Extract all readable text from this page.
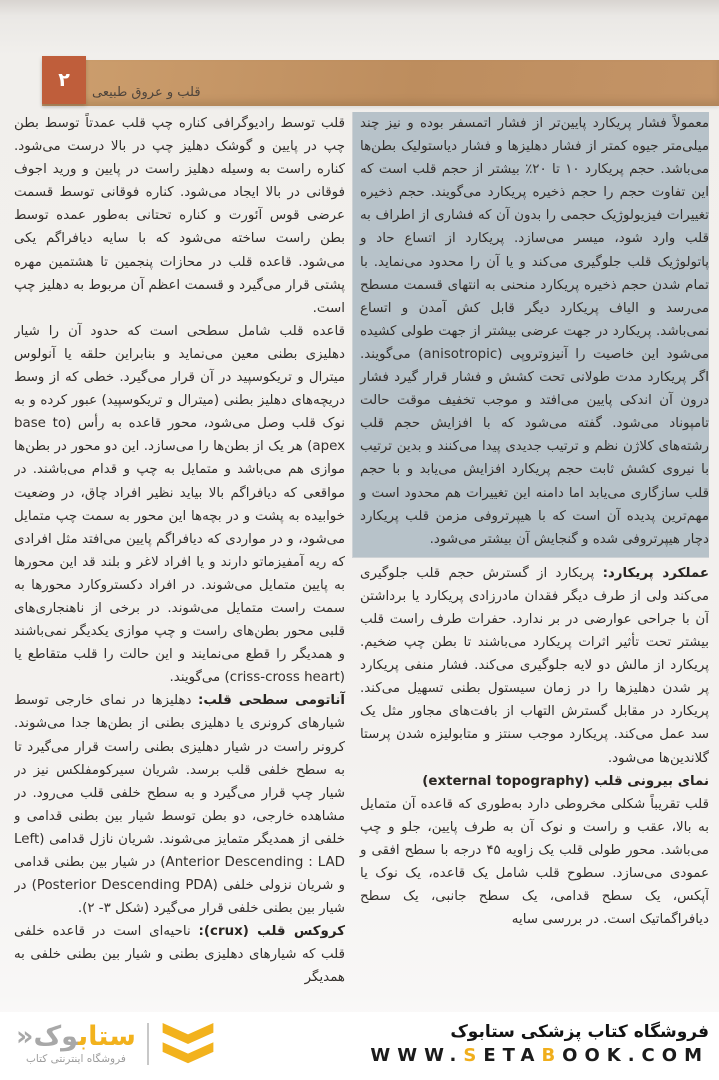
قلب و عروق طبیعی
۲

معمولاً فشار پریکارد پایین‌تر از فشار اتمسفر بوده و نیز چند میلی‌متر جیوه کمتر از فشار دهلیزها و فشار دیاستولیک بطن‌ها می‌باشد. حجم پریکارد ۱۰ تا ۲۰٪ بیشتر از حجم قلب است که این تفاوت حجم را حجم ذخیره پریکارد می‌گویند. حجم ذخیره تغییرات فیزیولوژیک حجمی را بدون آن که فشاری از اطراف به قلب وارد شود، میسر می‌سازد. پریکارد از اتساع حاد و پاتولوژیک قلب جلوگیری می‌کند و یا آن را محدود می‌نماید. با تمام شدن حجم ذخیره پریکارد منحنی به انتهای قسمت مسطح می‌رسد و الیاف پریکارد دیگر قابل کش آمدن و اتساع نمی‌باشد. پریکارد در جهت عرضی بیشتر از جهت طولی کشیده می‌شود این خاصیت را آنیزوتروپی (anisotropic) می‌گویند. اگر پریکارد مدت طولانی تحت کشش و فشار قرار گیرد فشار درون آن اندکی پایین می‌افتد و موجب تخفیف موقت حالت تامپوناد می‌شود. گفته می‌شود که با افزایش حجم قلب رشته‌های کلاژن نظم و ترتیب جدیدی پیدا می‌کنند و بدین ترتیب با نیروی کشش ثابت حجم پریکارد افزایش می‌یابد و با حجم قلب سازگاری می‌یابد اما دامنه این تغییرات هم محدود است و مهم‌ترین پدیده آن است که با هیپرتروفی مزمن قلب پریکارد دچار هیپرتروفی شده و گنجایش آن بیشتر می‌شود.

عملکرد پریکارد: پریکارد از گسترش حجم قلب جلوگیری می‌کند ولی از طرف دیگر فقدان مادرزادی پریکارد یا برداشتن آن با جراحی عوارضی در بر ندارد. حفرات طرف راست قلب بیشتر تحت تأثیر اثرات پریکارد می‌باشند تا بطن چپ ضخیم. پریکارد از مالش دو لایه جلوگیری می‌کند. فشار منفی پریکارد پر شدن دهلیزها را در زمان سیستول بطنی تسهیل می‌کند. پریکارد در مقابل گسترش التهاب از بافت‌های مجاور مثل یک سد عمل می‌کند. پریکارد موجب سنتز و متابولیزه شدن پرستا گلاندین‌ها می‌شود.

نمای بیرونی قلب (external topography)

قلب تقریباً شکلی مخروطی دارد به‌طوری که قاعده آن متمایل به بالا، عقب و راست و نوک آن به طرف پایین، جلو و چپ می‌باشد. محور طولی قلب یک زاویه ۴۵ درجه با سطح افقی و عمودی می‌سازد. سطوح قلب شامل یک قاعده، یک نوک یا آپکس، یک سطح قدامی، یک سطح جانبی، یک سطح دیافراگماتیک است. در بررسی سایه

قلب توسط رادیوگرافی کناره چپ قلب عمدتاً توسط بطن چپ در پایین و گوشک دهلیز چپ در بالا درست می‌شود. کناره راست به وسیله دهلیز راست در پایین و ورید اجوف فوقانی در بالا ایجاد می‌شود. کناره فوقانی توسط قسمت عرضی قوس آئورت و کناره تحتانی به‌طور عمده توسط بطن راست ساخته می‌شود که با سایه دیافراگم یکی می‌شود. قاعده قلب در محازات پنجمین تا هشتمین مهره پشتی قرار می‌گیرد و قسمت اعظم آن مربوط به دهلیز چپ است.

قاعده قلب شامل سطحی است که حدود آن را شیار دهلیزی بطنی معین می‌نماید و بنابراین حلقه یا آنولوس میترال و تریکوسپید در آن قرار می‌گیرد. خطی که از وسط دریچه‌های دهلیز بطنی (میترال و تریکوسپید) عبور کرده و به نوک قلب وصل می‌شود، محور قاعده به رأس (base to apex) هر یک از بطن‌ها را می‌سازد. این دو محور در بطن‌ها موازی هم می‌باشد و متمایل به چپ و قدام می‌باشند. در مواقعی که دیافراگم بالا بیاید نظیر افراد چاق، در وضعیت خوابیده به پشت و در بچه‌ها این محور به سمت چپ متمایل می‌شود، و در مواردی که دیافراگم پایین می‌افتد مثل افرادی که ریه آمفیزماتو دارند و یا افراد لاغر و بلند قد این محورها به پایین متمایل می‌شوند. در افراد دکستروکارد محورها به سمت راست متمایل می‌شوند. در برخی از ناهنجاری‌های قلبی محور بطن‌های راست و چپ موازی یکدیگر نمی‌باشند و همدیگر را قطع می‌نمایند و این حالت را قلب متقاطع یا (criss-cross heart) می‌گویند.

آناتومی سطحی قلب: دهلیزها در نمای خارجی توسط شیارهای کرونری یا دهلیزی بطنی از بطن‌ها جدا می‌شوند. کرونر راست در شیار دهلیزی بطنی راست قرار می‌گیرد تا به سطح خلفی قلب برسد. شریان سیرکومفلکس نیز در شیار چپ قرار می‌گیرد و به سطح خلفی قلب می‌رود. در مشاهده خارجی، دو بطن توسط شیار بین بطنی قدامی و خلفی از همدیگر متمایز می‌شوند. شریان نازل قدامی (Left Anterior Descending : LAD) در شیار بین بطنی قدامی و شریان نزولی خلفی (Posterior Descending PDA) در شیار بین بطنی خلفی قرار می‌گیرد (شکل ۳- ۲).

کروکس قلب (crux): ناحیه‌ای است در قاعده خلفی قلب که شیارهای دهلیزی بطنی و شیار بین بطنی خلفی به همدیگر

ستابوک«
فروشگاه اینترنتی کتاب
فروشگاه کتاب پزشکی ستابوک
WWW.SETABOOK.COM
